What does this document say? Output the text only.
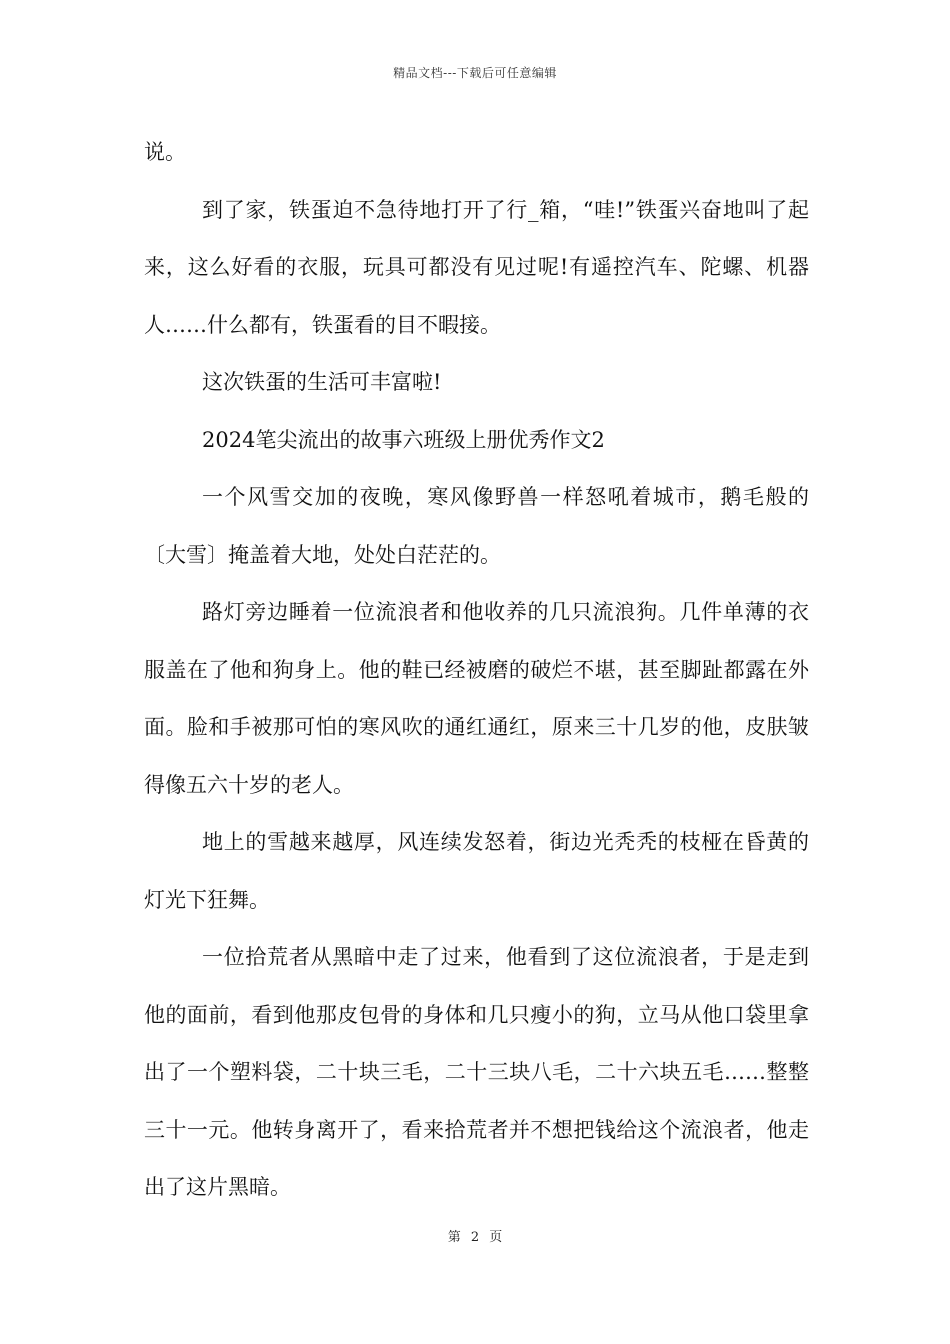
精品文档---下载后可任意编辑

说。

到了家，铁蛋迫不急待地打开了行_箱，“哇!”铁蛋兴奋地叫了起来，这么好看的衣服，玩具可都没有见过呢!有遥控汽车、陀螺、机器人……什么都有，铁蛋看的目不暇接。

这次铁蛋的生活可丰富啦!

2024笔尖流出的故事六班级上册优秀作文2

一个风雪交加的夜晚，寒风像野兽一样怒吼着城市，鹅毛般的〔大雪〕掩盖着大地，处处白茫茫的。

路灯旁边睡着一位流浪者和他收养的几只流浪狗。几件单薄的衣服盖在了他和狗身上。他的鞋已经被磨的破烂不堪，甚至脚趾都露在外面。脸和手被那可怕的寒风吹的通红通红，原来三十几岁的他，皮肤皱得像五六十岁的老人。

地上的雪越来越厚，风连续发怒着，街边光秃秃的枝桠在昏黄的灯光下狂舞。

一位拾荒者从黑暗中走了过来，他看到了这位流浪者，于是走到他的面前，看到他那皮包骨的身体和几只瘦小的狗，立马从他口袋里拿出了一个塑料袋，二十块三毛，二十三块八毛，二十六块五毛……整整三十一元。他转身离开了，看来拾荒者并不想把钱给这个流浪者，他走出了这片黑暗。

第 2 页
